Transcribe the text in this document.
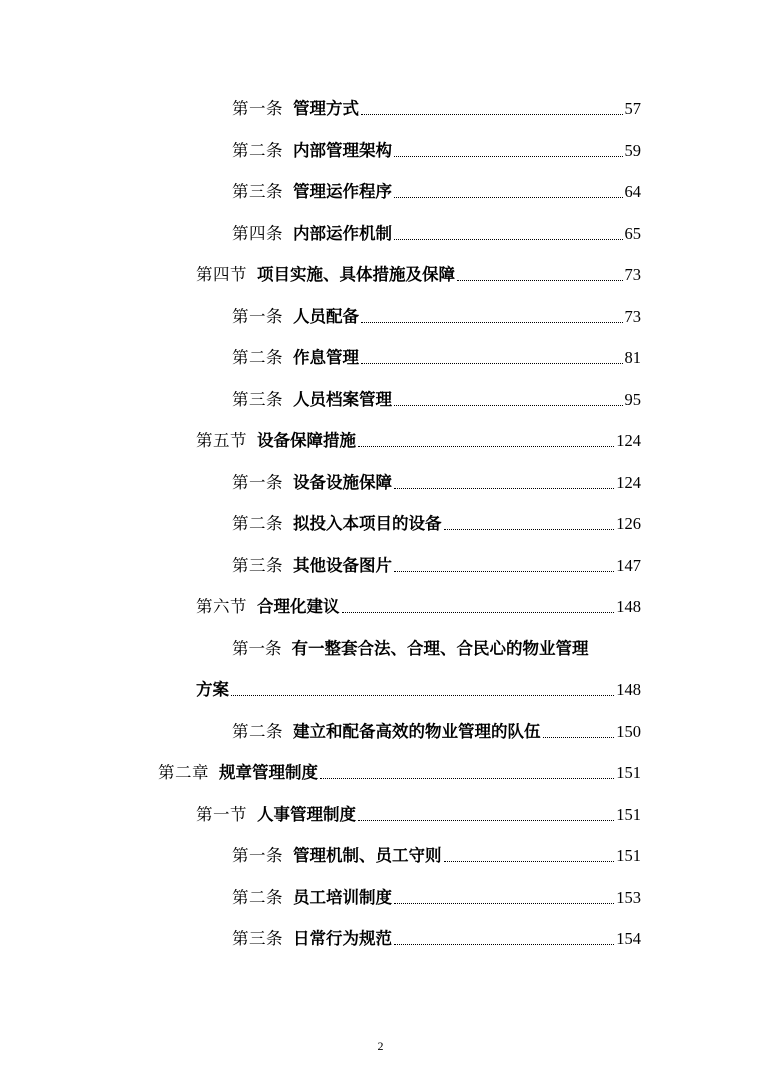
第一条 管理方式	57
第二条 内部管理架构	59
第三条 管理运作程序	64
第四条 内部运作机制	65
第四节 项目实施、具体措施及保障	73
第一条 人员配备	73
第二条 作息管理	81
第三条 人员档案管理	95
第五节 设备保障措施	124
第一条 设备设施保障	124
第二条 拟投入本项目的设备	126
第三条 其他设备图片	147
第六节 合理化建议	148
第一条 有一整套合法、合理、合民心的物业管理
方案	148
第二条 建立和配备高效的物业管理的队伍	150
第二章 规章管理制度	151
第一节 人事管理制度	151
第一条 管理机制、员工守则	151
第二条 员工培训制度	153
第三条 日常行为规范	154
2
